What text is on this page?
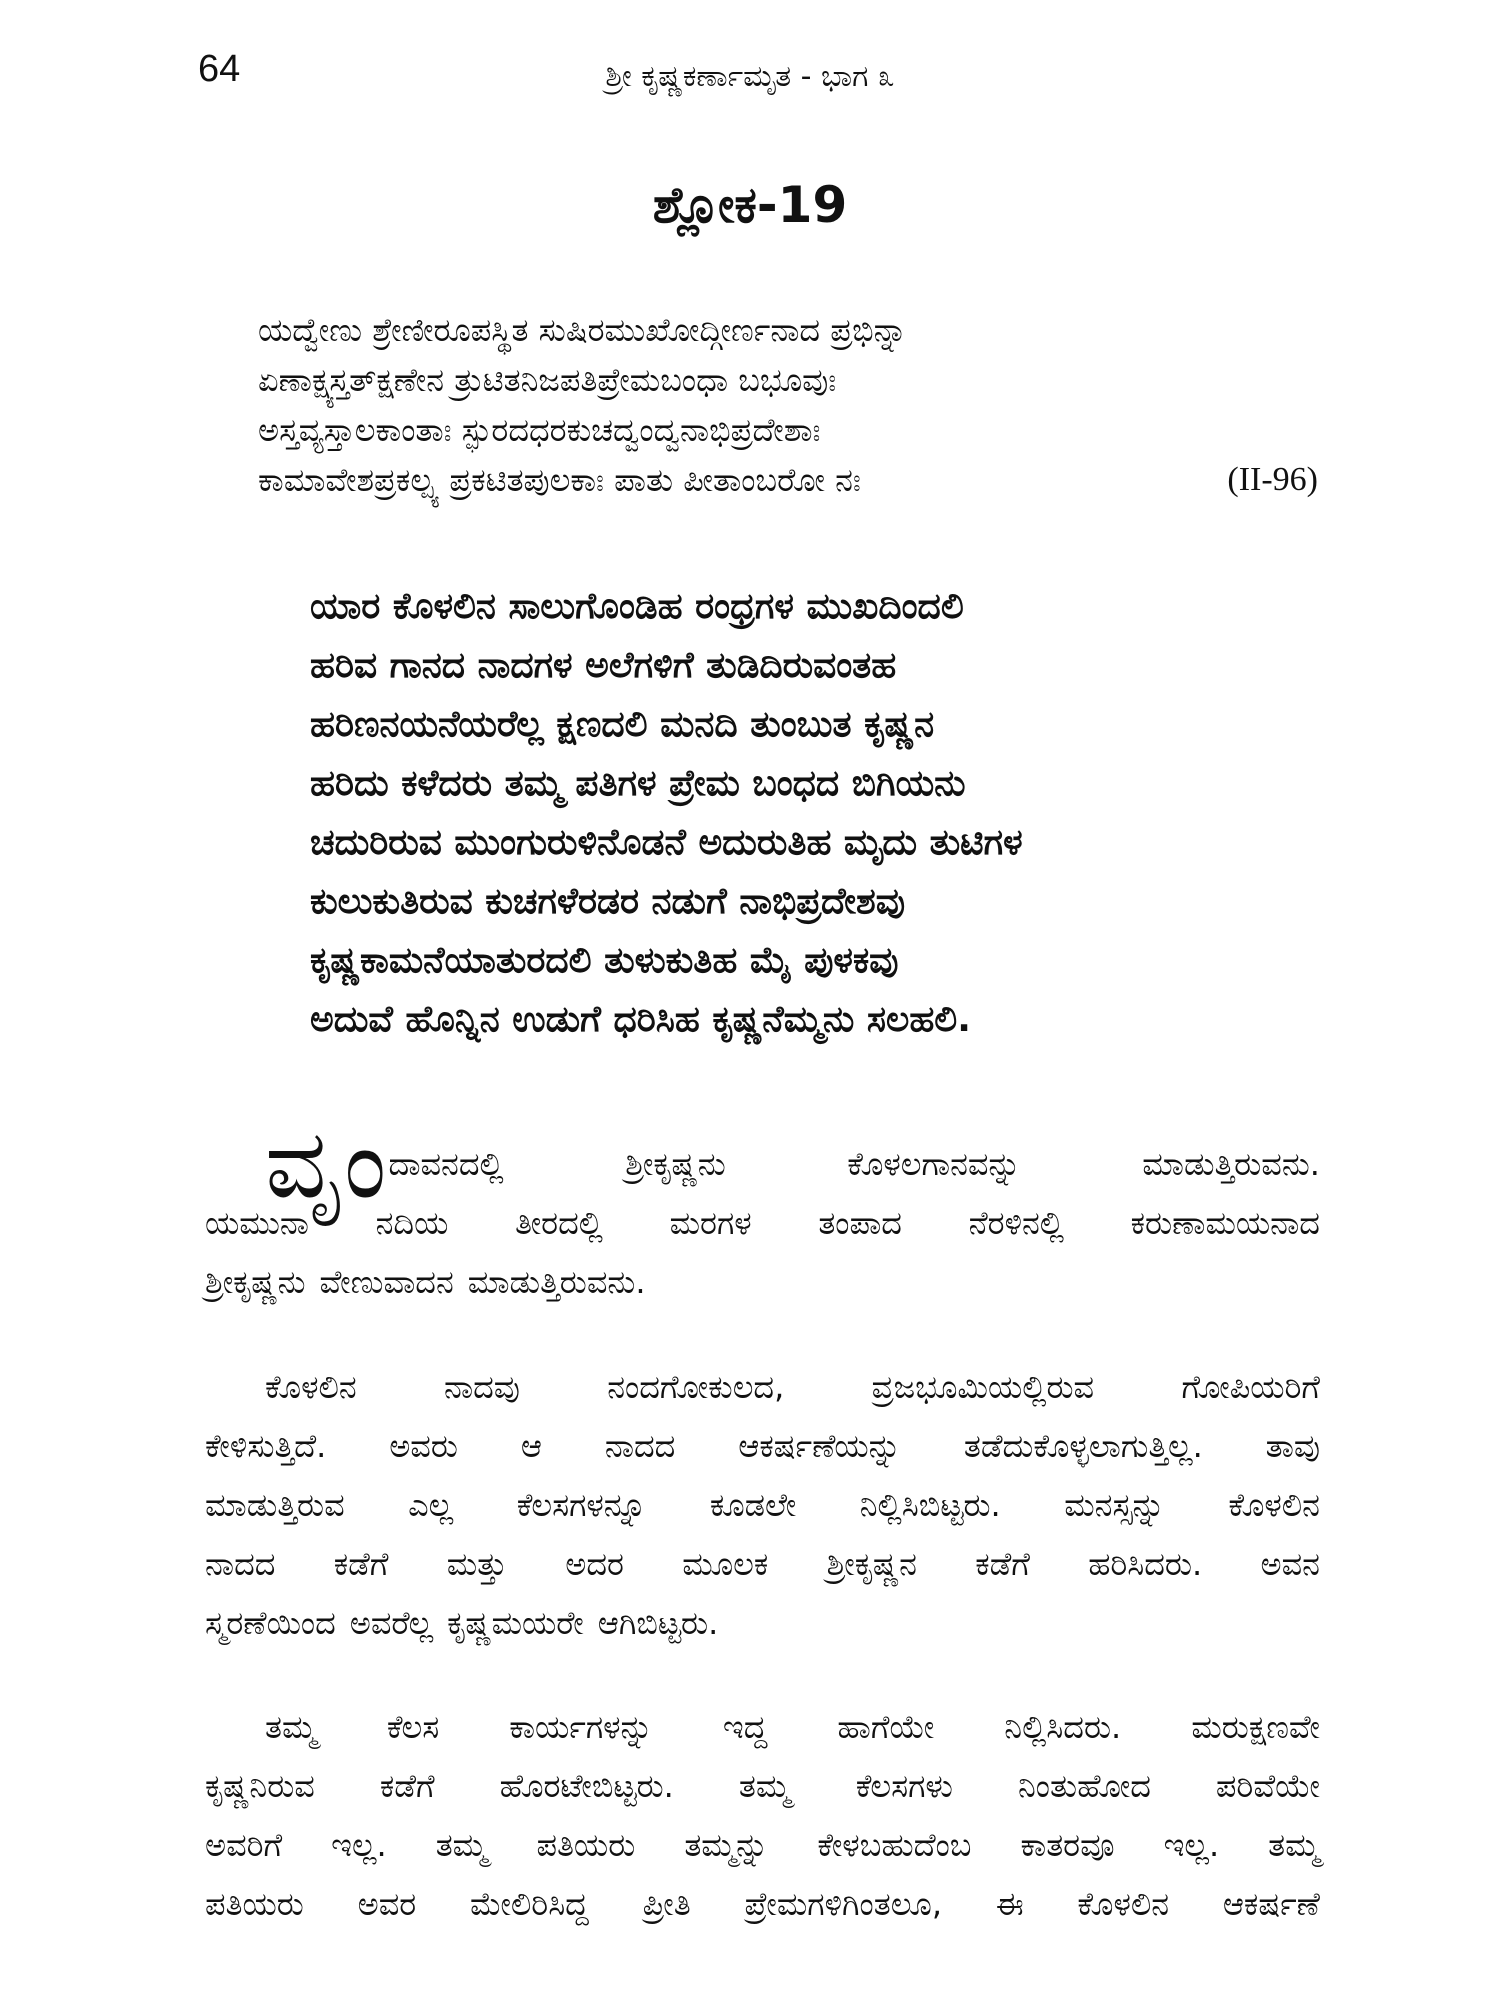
64	ಶ್ರೀ ಕೃಷ್ಣಕರ್ಣಾಮೃತ - ಭಾಗ ೩
ಶ್ಲೋಕ-19
ಯದ್ವೇಣು ಶ್ರೇಣೀರೂಪಸ್ಥಿತ ಸುಷಿರಮುಖೋದ್ಗೀರ್ಣನಾದ ಪ್ರಭಿನ್ನಾ
ಏಣಾಕ್ಷ್ಯಸ್ತತ್‌ಕ್ಷಣೇನ ತ್ರುಟಿತನಿಜಪತಿಪ್ರೇಮಬಂಧಾ ಬಭೂವುಃ
ಅಸ್ತವ್ಯಸ್ತಾಲಕಾಂತಾಃ ಸ್ಫುರದಧರಕುಚದ್ವಂದ್ವನಾಭಿಪ್ರದೇಶಾಃ
ಕಾಮಾವೇಶಪ್ರಕಲ್ಪ್ಯ ಪ್ರಕಟಿತಪುಲಕಾಃ ಪಾತು ಪೀತಾಂಬರೋ ನಃ	(II-96)
ಯಾರ ಕೊಳಲಿನ ಸಾಲುಗೊಂಡಿಹ ರಂಧ್ರಗಳ ಮುಖದಿಂದಲಿ
ಹರಿವ ಗಾನದ ನಾದಗಳ ಅಲೆಗಳಿಗೆ ತುಡಿದಿರುವಂತಹ
ಹರಿಣನಯನೆಯರೆಲ್ಲ ಕ್ಷಣದಲಿ ಮನದಿ ತುಂಬುತ ಕೃಷ್ಣನ
ಹರಿದು ಕಳೆದರು ತಮ್ಮ ಪತಿಗಳ ಪ್ರೇಮ ಬಂಧದ ಬಿಗಿಯನು
ಚದುರಿರುವ ಮುಂಗುರುಳಿನೊಡನೆ ಅದುರುತಿಹ ಮೃದು ತುಟಿಗಳ
ಕುಲುಕುತಿರುವ ಕುಚಗಳೆರಡರ ನಡುಗೆ ನಾಭಿಪ್ರದೇಶವು
ಕೃಷ್ಣಕಾಮನೆಯಾತುರದಲಿ ತುಳುಕುತಿಹ ಮೈ ಪುಳಕವು
ಅದುವೆ ಹೊನ್ನಿನ ಉಡುಗೆ ಧರಿಸಿಹ ಕೃಷ್ಣನೆಮ್ಮನು ಸಲಹಲಿ.
ವೃಂದಾವನದಲ್ಲಿ	ಶ್ರೀಕೃಷ್ಣನು	ಕೊಳಲಗಾನವನ್ನು	ಮಾಡುತ್ತಿರುವನು.
ಯಮುನಾ ನದಿಯ ತೀರದಲ್ಲಿ ಮರಗಳ ತಂಪಾದ ನೆರಳಿನಲ್ಲಿ ಕರುಣಾಮಯನಾದ
ಶ್ರೀಕೃಷ್ಣನು ವೇಣುವಾದನ ಮಾಡುತ್ತಿರುವನು.
ಕೊಳಲಿನ	ನಾದವು	ನಂದಗೋಕುಲದ,	ವ್ರಜಭೂಮಿಯಲ್ಲಿರುವ	ಗೋಪಿಯರಿಗೆ
ಕೇಳಿಸುತ್ತಿದೆ. ಅವರು ಆ ನಾದದ ಆಕರ್ಷಣೆಯನ್ನು ತಡೆದುಕೊಳ್ಳಲಾಗುತ್ತಿಲ್ಲ. ತಾವು
ಮಾಡುತ್ತಿರುವ ಎಲ್ಲ ಕೆಲಸಗಳನ್ನೂ ಕೂಡಲೇ ನಿಲ್ಲಿಸಿಬಿಟ್ಟರು. ಮನಸ್ಸನ್ನು ಕೊಳಲಿನ
ನಾದದ ಕಡೆಗೆ ಮತ್ತು ಅದರ ಮೂಲಕ ಶ್ರೀಕೃಷ್ಣನ ಕಡೆಗೆ ಹರಿಸಿದರು. ಅವನ
ಸ್ಮರಣೆಯಿಂದ ಅವರೆಲ್ಲ ಕೃಷ್ಣಮಯರೇ ಆಗಿಬಿಟ್ಟರು.
ತಮ್ಮ ಕೆಲಸ ಕಾರ್ಯಗಳನ್ನು ಇದ್ದ ಹಾಗೆಯೇ ನಿಲ್ಲಿಸಿದರು. ಮರುಕ್ಷಣವೇ
ಕೃಷ್ಣನಿರುವ ಕಡೆಗೆ ಹೊರಟೇಬಿಟ್ಟರು. ತಮ್ಮ ಕೆಲಸಗಳು ನಿಂತುಹೋದ ಪರಿವೆಯೇ
ಅವರಿಗೆ ಇಲ್ಲ. ತಮ್ಮ ಪತಿಯರು ತಮ್ಮನ್ನು ಕೇಳಬಹುದೆಂಬ ಕಾತರವೂ ಇಲ್ಲ. ತಮ್ಮ
ಪತಿಯರು ಅವರ ಮೇಲಿರಿಸಿದ್ದ ಪ್ರೀತಿ ಪ್ರೇಮಗಳಿಗಿಂತಲೂ, ಈ ಕೊಳಲಿನ ಆಕರ್ಷಣೆ
